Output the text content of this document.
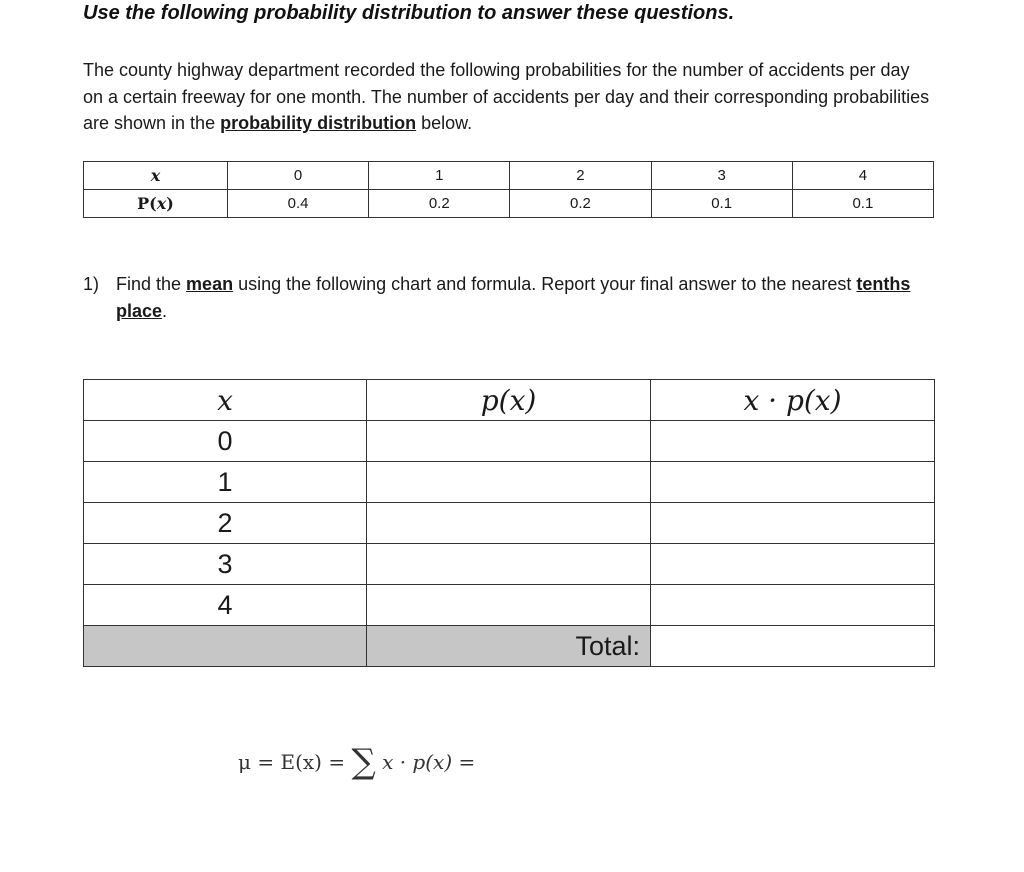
Use the following probability distribution to answer these questions.
The county highway department recorded the following probabilities for the number of accidents per day on a certain freeway for one month. The number of accidents per day and their corresponding probabilities are shown in the probability distribution below.
x	0	1	2	3	4
P(x)	0.4	0.2	0.2	0.1	0.1
1) Find the mean using the following chart and formula. Report your final answer to the nearest tenths place.
x	p(x)	x · p(x)
0		
1		
2		
3		
4		
	Total:	
μ = E(x) = ∑ x · p(x) =
